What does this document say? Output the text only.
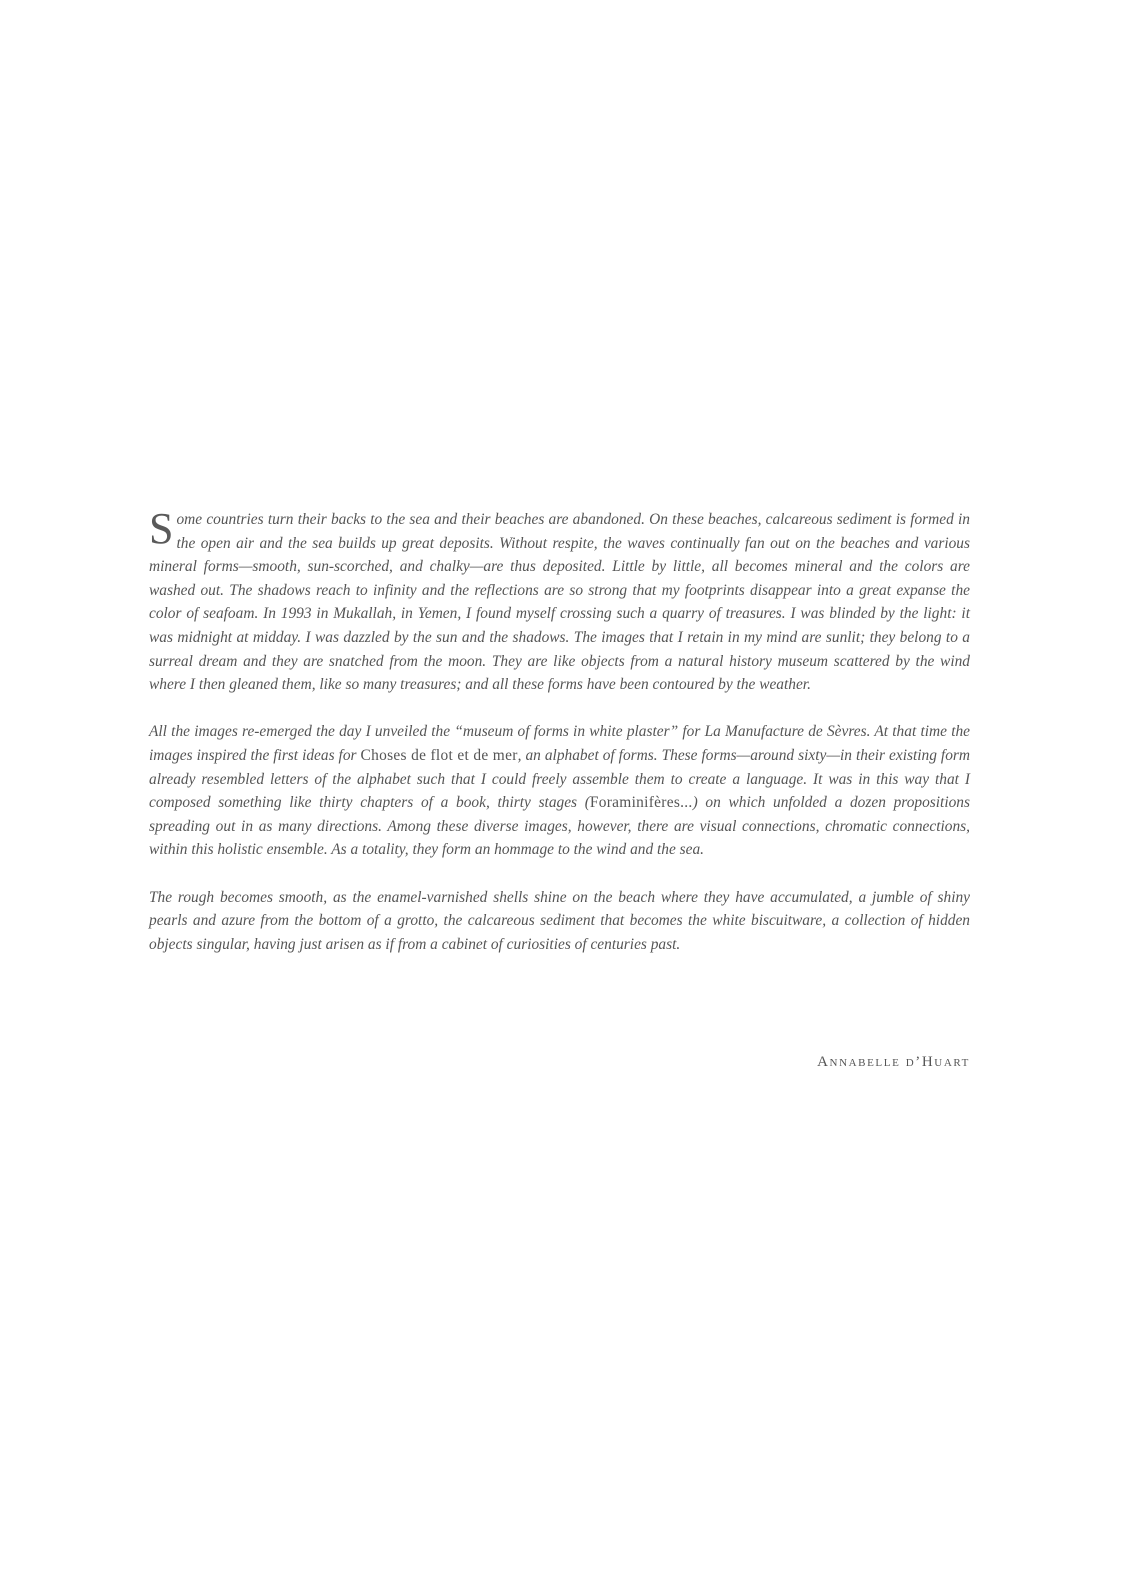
Some countries turn their backs to the sea and their beaches are abandoned. On these beaches, calcareous sediment is formed in the open air and the sea builds up great deposits. Without respite, the waves continually fan out on the beaches and various mineral forms—smooth, sun-scorched, and chalky—are thus deposited. Little by little, all becomes mineral and the colors are washed out. The shadows reach to infinity and the reflections are so strong that my footprints disappear into a great expanse the color of seafoam. In 1993 in Mukallah, in Yemen, I found myself crossing such a quarry of treasures. I was blinded by the light: it was midnight at midday. I was dazzled by the sun and the shadows. The images that I retain in my mind are sunlit; they belong to a surreal dream and they are snatched from the moon. They are like objects from a natural history museum scattered by the wind where I then gleaned them, like so many treasures; and all these forms have been contoured by the weather.

All the images re-emerged the day I unveiled the “museum of forms in white plaster” for La Manufacture de Sèvres. At that time the images inspired the first ideas for Choses de flot et de mer, an alphabet of forms. These forms—around sixty—in their existing form already resembled letters of the alphabet such that I could freely assemble them to create a language. It was in this way that I composed something like thirty chapters of a book, thirty stages (Foraminifères...) on which unfolded a dozen propositions spreading out in as many directions. Among these diverse images, however, there are visual connections, chromatic connections, within this holistic ensemble. As a totality, they form an hommage to the wind and the sea.

The rough becomes smooth, as the enamel-varnished shells shine on the beach where they have accumulated, a jumble of shiny pearls and azure from the bottom of a grotto, the calcareous sediment that becomes the white biscuitware, a collection of hidden objects singular, having just arisen as if from a cabinet of curiosities of centuries past.

Annabelle d’Huart
